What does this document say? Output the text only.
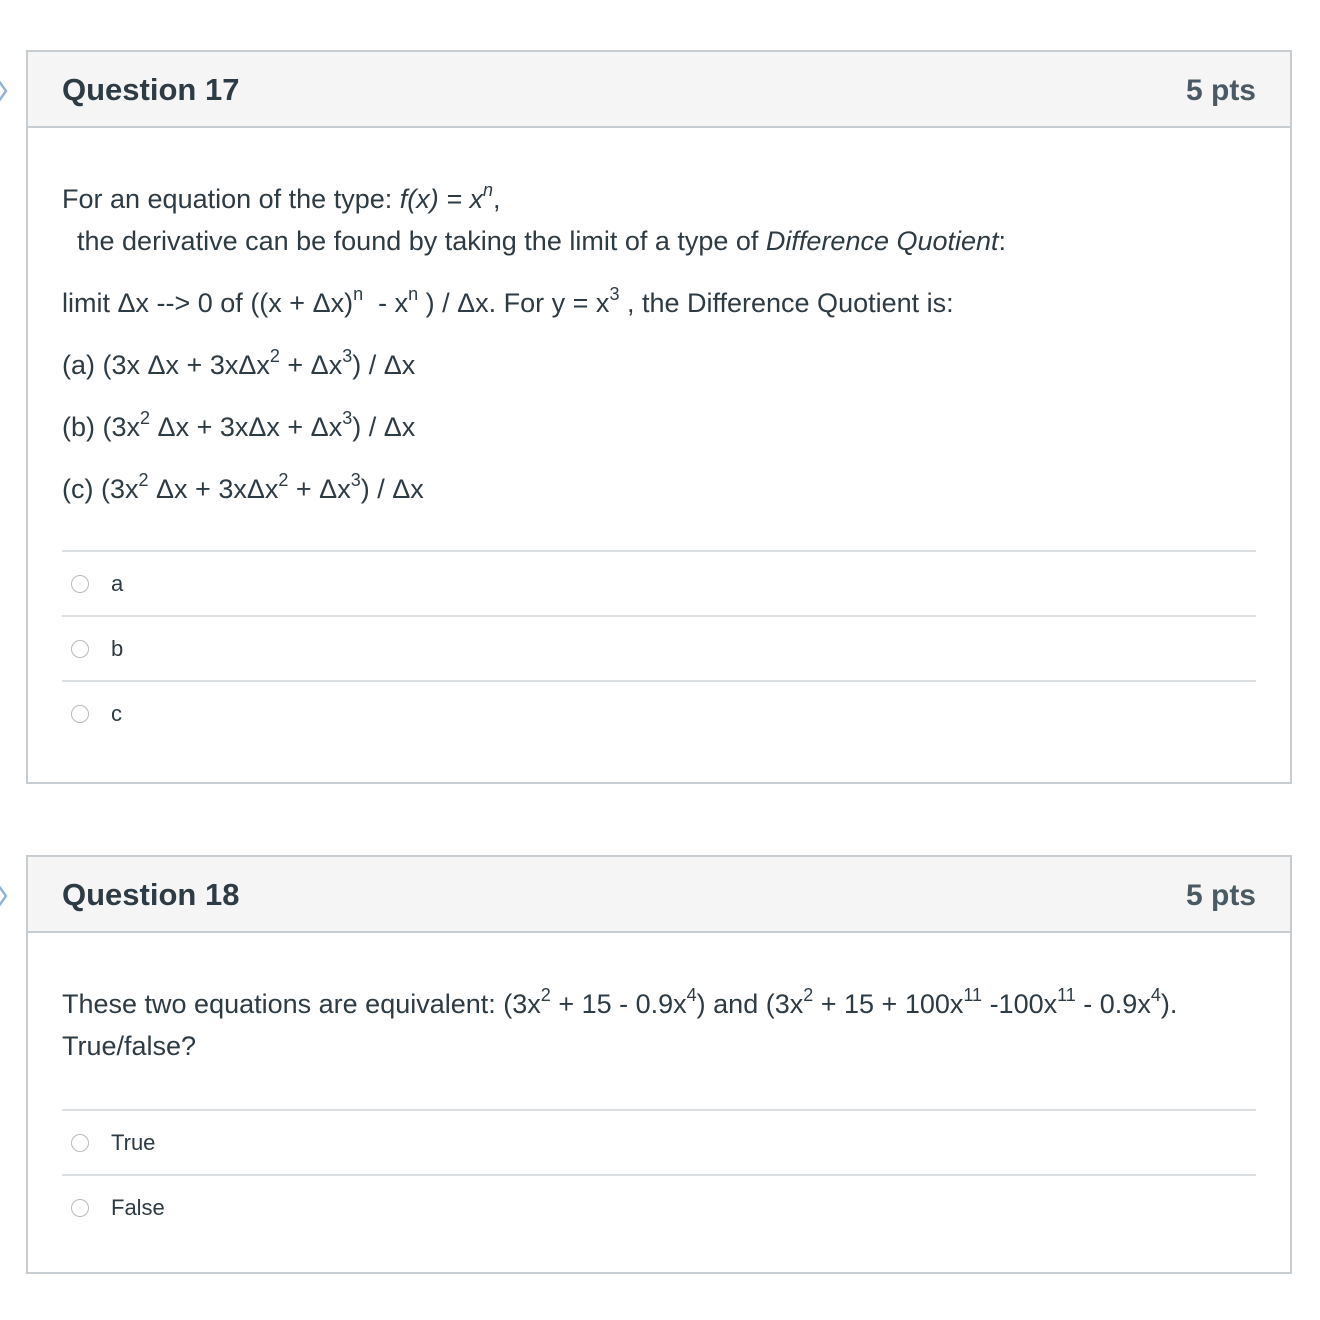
Question 17	5 pts

For an equation of the type: $f(x) = x^n$,  the derivative can be found by taking the limit of a type of Difference Quotient:

limit Δx --> 0 of ($(x + \Delta x)^n - x^n$ ) / Δx. For $y = x^3$ , the Difference Quotient is:

(a) (3x $\Delta x + 3x\Delta x^2 + \Delta x^3) / \Delta x$

(b) ($3x^2$ $\Delta x + 3x\Delta x + \Delta x^3) / \Delta x$

(c) ($3x^2$ $\Delta x + 3x\Delta x^2 + \Delta x^3) / \Delta x$

a
b
c
Question 18	5 pts

These two equations are equivalent: $(3x^2 + 15 - 0.9x^4)$ and ($3x^2 + 15 + 100x^{11}$ $-100x^{11} - 0.9x^4$).
True/false?

True
False
